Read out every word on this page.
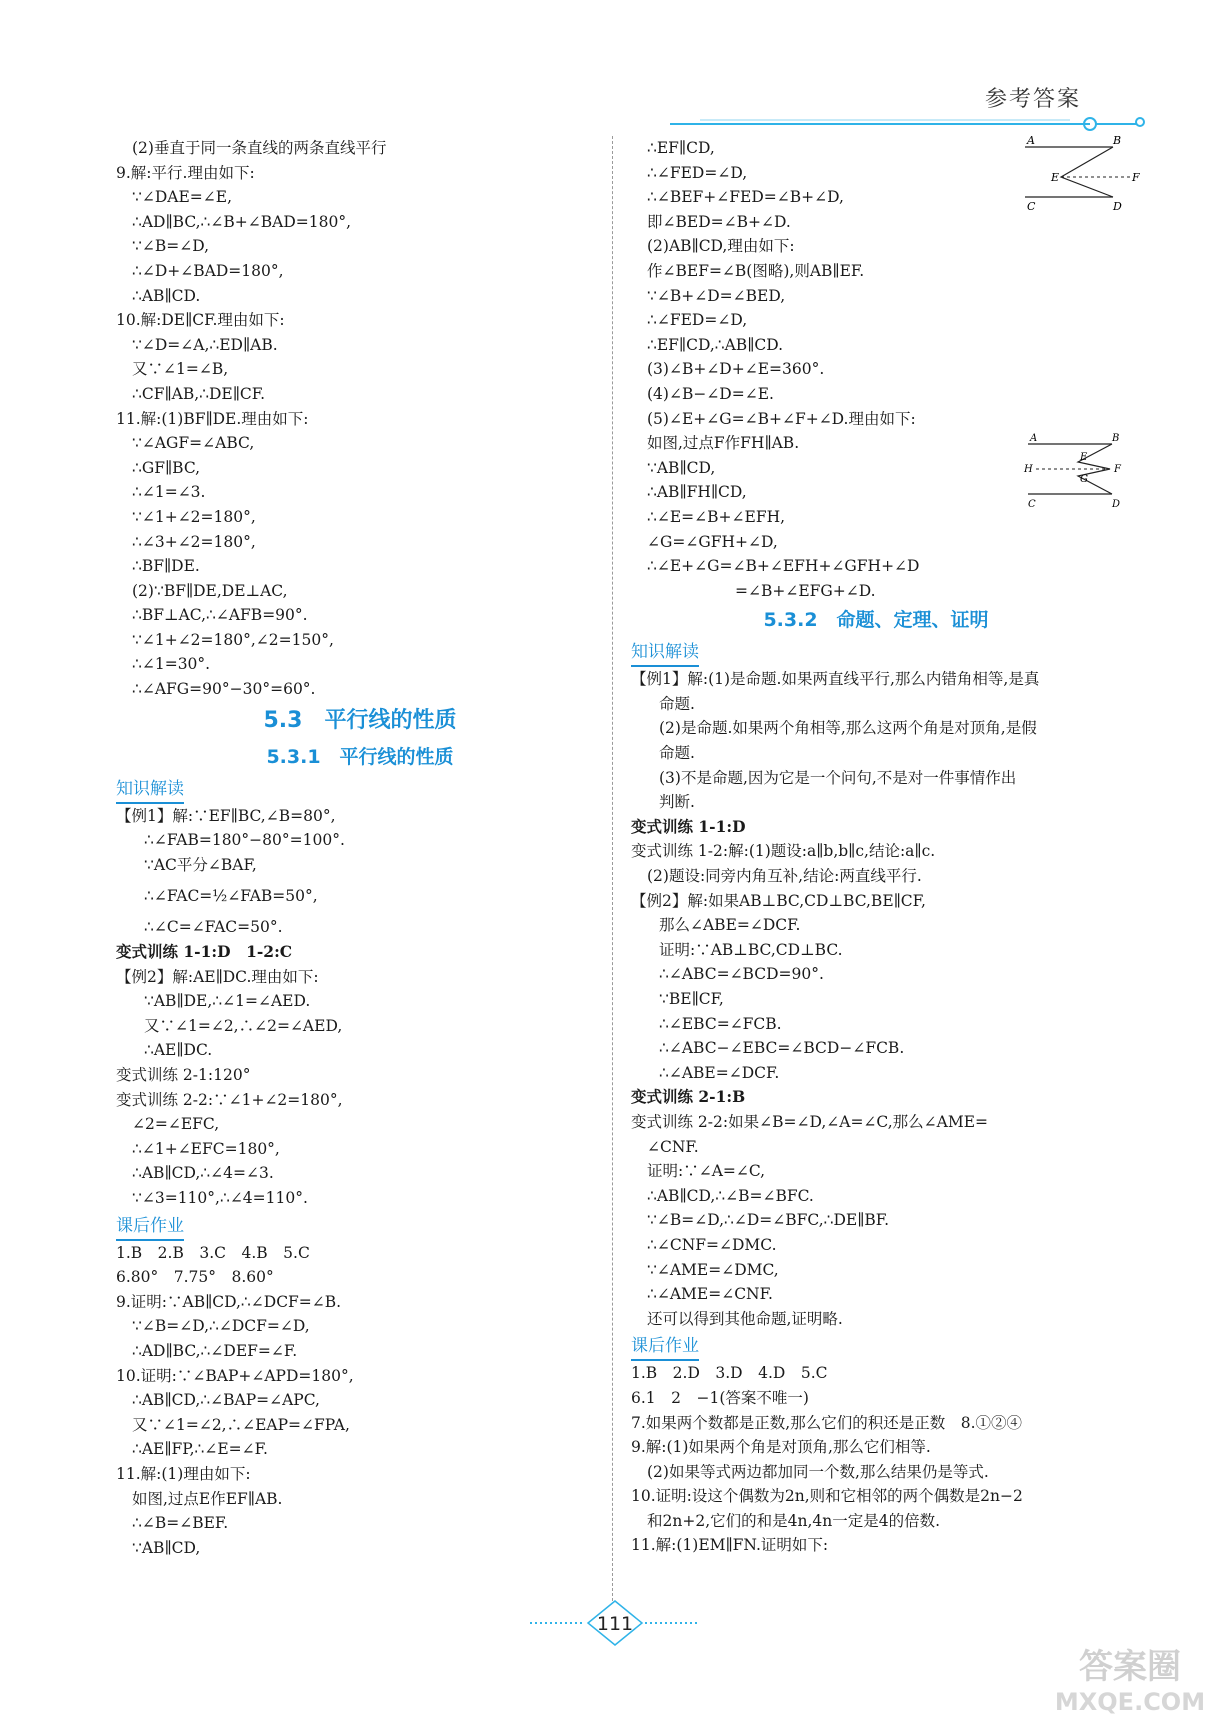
参考答案
(2)垂直于同一条直线的两条直线平行
9.解:平行.理由如下:
∵∠DAE=∠E,
∴AD∥BC,∴∠B+∠BAD=180°,
∵∠B=∠D,
∴∠D+∠BAD=180°,
∴AB∥CD.
10.解:DE∥CF.理由如下:
∵∠D=∠A,∴ED∥AB.
又∵∠1=∠B,
∴CF∥AB,∴DE∥CF.
11.解:(1)BF∥DE.理由如下:
∵∠AGF=∠ABC,
∴GF∥BC,
∴∠1=∠3.
∵∠1+∠2=180°,
∴∠3+∠2=180°,
∴BF∥DE.
(2)∵BF∥DE,DE⊥AC,
∴BF⊥AC,∴∠AFB=90°.
∵∠1+∠2=180°,∠2=150°,
∴∠1=30°.
∴∠AFG=90°−30°=60°.
5.3　平行线的性质
5.3.1　平行线的性质
知识解读
【例1】解:∵EF∥BC,∠B=80°,
∴∠FAB=180°−80°=100°.
∵AC平分∠BAF,
∴∠FAC=½∠FAB=50°,
∴∠C=∠FAC=50°.
变式训练 1-1:D　1-2:C
【例2】解:AE∥DC.理由如下:
∵AB∥DE,∴∠1=∠AED.
又∵∠1=∠2,∴∠2=∠AED,
∴AE∥DC.
变式训练 2-1:120°
变式训练 2-2:∵∠1+∠2=180°,
∠2=∠EFC,
∴∠1+∠EFC=180°,
∴AB∥CD,∴∠4=∠3.
∵∠3=110°,∴∠4=110°.
课后作业
1.B　2.B　3.C　4.B　5.C
6.80°　7.75°　8.60°
9.证明:∵AB∥CD,∴∠DCF=∠B.
∵∠B=∠D,∴∠DCF=∠D,
∴AD∥BC,∴∠DEF=∠F.
10.证明:∵∠BAP+∠APD=180°,
∴AB∥CD,∴∠BAP=∠APC,
又∵∠1=∠2,∴∠EAP=∠FPA,
∴AE∥FP,∴∠E=∠F.
11.解:(1)理由如下:
如图,过点E作EF∥AB.
∴∠B=∠BEF.
∵AB∥CD,
∴EF∥CD,
∴∠FED=∠D,
∴∠BEF+∠FED=∠B+∠D,
即∠BED=∠B+∠D.
(2)AB∥CD,理由如下:
作∠BEF=∠B(图略),则AB∥EF.
∵∠B+∠D=∠BED,
∴∠FED=∠D,
∴EF∥CD,∴AB∥CD.
(3)∠B+∠D+∠E=360°.
(4)∠B−∠D=∠E.
(5)∠E+∠G=∠B+∠F+∠D.理由如下:
如图,过点F作FH∥AB.
∵AB∥CD,
∴AB∥FH∥CD,
∴∠E=∠B+∠EFH,
∠G=∠GFH+∠D,
∴∠E+∠G=∠B+∠EFH+∠GFH+∠D
=∠B+∠EFG+∠D.
5.3.2　命题、定理、证明
知识解读
【例1】解:(1)是命题.如果两直线平行,那么内错角相等,是真
命题.
(2)是命题.如果两个角相等,那么这两个角是对顶角,是假
命题.
(3)不是命题,因为它是一个问句,不是对一件事情作出
判断.
变式训练 1-1:D
变式训练 1-2:解:(1)题设:a∥b,b∥c,结论:a∥c.
(2)题设:同旁内角互补,结论:两直线平行.
【例2】解:如果AB⊥BC,CD⊥BC,BE∥CF,
那么∠ABE=∠DCF.
证明:∵AB⊥BC,CD⊥BC.
∴∠ABC=∠BCD=90°.
∵BE∥CF,
∴∠EBC=∠FCB.
∴∠ABC−∠EBC=∠BCD−∠FCB.
∴∠ABE=∠DCF.
变式训练 2-1:B
变式训练 2-2:如果∠B=∠D,∠A=∠C,那么∠AME=
∠CNF.
证明:∵∠A=∠C,
∴AB∥CD,∴∠B=∠BFC.
∵∠B=∠D,∴∠D=∠BFC,∴DE∥BF.
∴∠CNF=∠DMC.
∵∠AME=∠DMC,
∴∠AME=∠CNF.
还可以得到其他命题,证明略.
课后作业
1.B　2.D　3.D　4.D　5.C
6.1　2　−1(答案不唯一)
7.如果两个数都是正数,那么它们的积还是正数　8.①②④
9.解:(1)如果两个角是对顶角,那么它们相等.
(2)如果等式两边都加同一个数,那么结果仍是等式.
10.证明:设这个偶数为2n,则和它相邻的两个偶数是2n−2
和2n+2,它们的和是4n,4n一定是4的倍数.
11.解:(1)EM∥FN.证明如下:
A	B
E	F
C	D
A	B
E
F
H
G
C	D
111
答案圈
MXQE.COM
